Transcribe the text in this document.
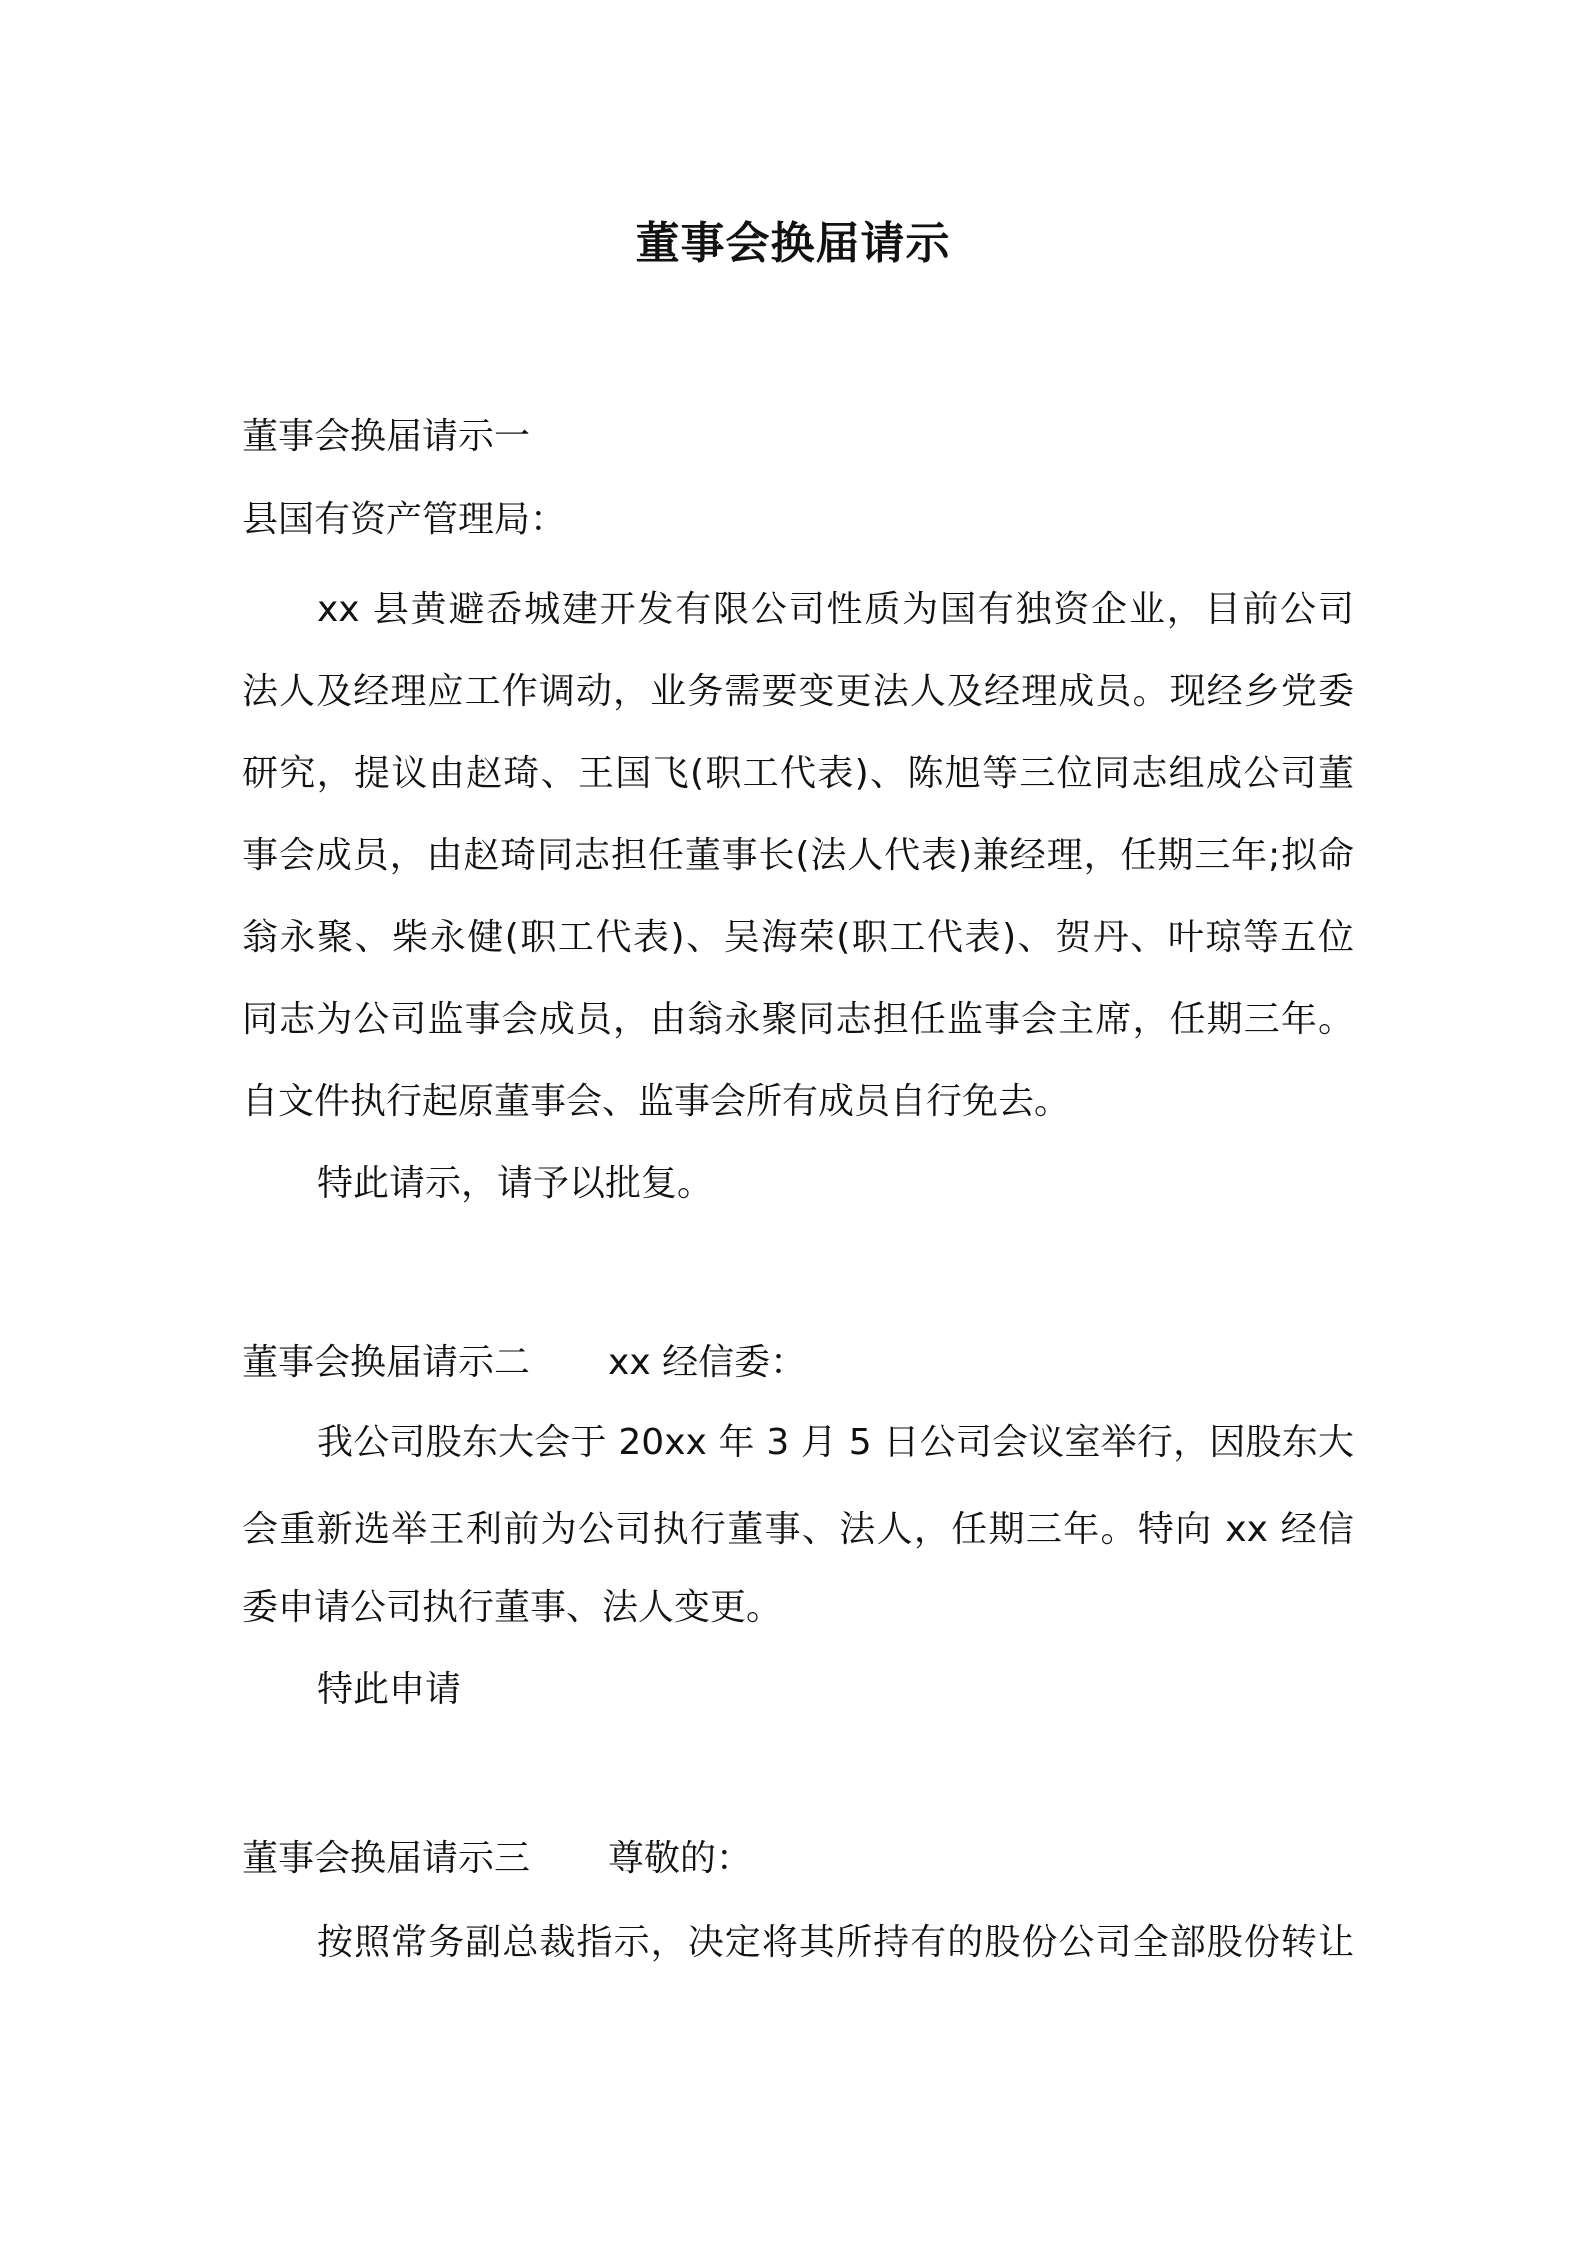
董事会换届请示

董事会换届请示一

县国有资产管理局：

xx 县黄避岙城建开发有限公司性质为国有独资企业，目前公司

法人及经理应工作调动，业务需要变更法人及经理成员。现经乡党委

研究，提议由赵琦、王国飞(职工代表)、陈旭等三位同志组成公司董

事会成员，由赵琦同志担任董事长(法人代表)兼经理，任期三年;拟命

翁永聚、柴永健(职工代表)、吴海荣(职工代表)、贺丹、叶琼等五位

同志为公司监事会成员，由翁永聚同志担任监事会主席，任期三年。

自文件执行起原董事会、监事会所有成员自行免去。

特此请示，请予以批复。

董事会换届请示二 xx 经信委：

我公司股东大会于 20xx 年 3 月 5 日公司会议室举行，因股东大

会重新选举王利前为公司执行董事、法人，任期三年。特向 xx 经信

委申请公司执行董事、法人变更。

特此申请

董事会换届请示三 尊敬的：

按照常务副总裁指示，决定将其所持有的股份公司全部股份转让
